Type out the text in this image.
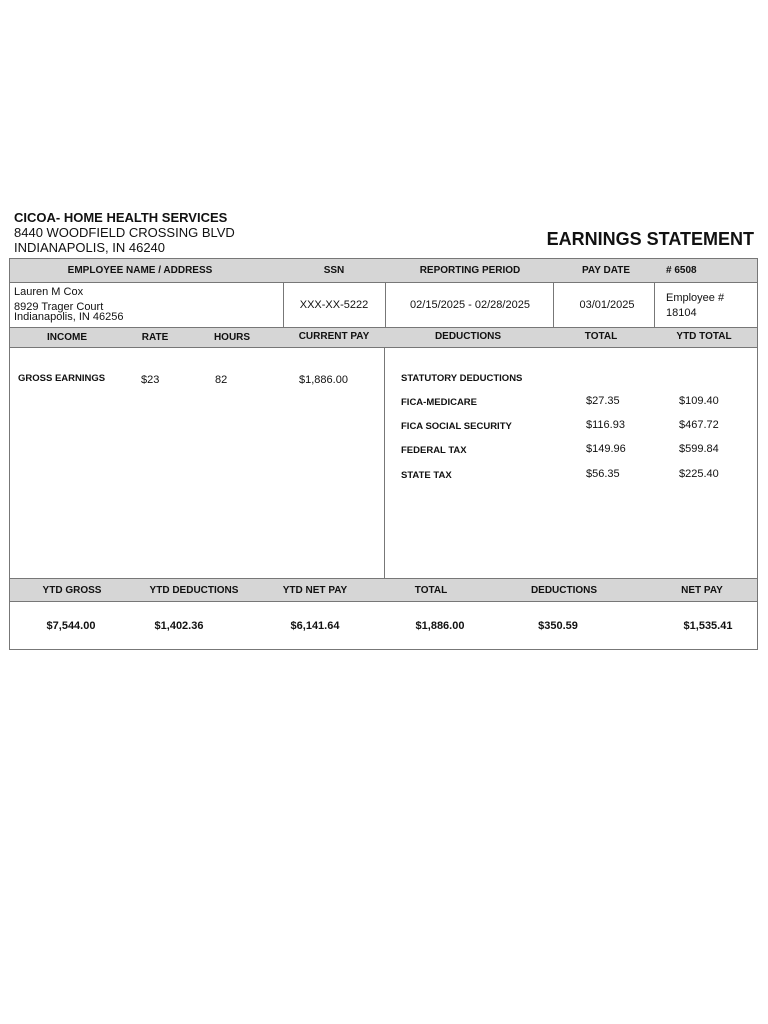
CICOA- HOME HEALTH SERVICES
8440 WOODFIELD CROSSING BLVD
INDIANAPOLIS, IN 46240	EARNINGS STATEMENT
EMPLOYEE NAME / ADDRESS	SSN	REPORTING PERIOD	PAY DATE	# 6508
Lauren M Cox
8929 Trager Court
Indianapolis, IN 46256
XXX-XX-5222	02/15/2025 - 02/28/2025	03/01/2025
Employee #
18104
INCOME	RATE	HOURS	CURRENT PAY	DEDUCTIONS	TOTAL	YTD TOTAL
GROSS EARNINGS	$23	82	$1,886.00	STATUTORY DEDUCTIONS
FICA-MEDICARE	$27.35	$109.40
FICA SOCIAL SECURITY	$116.93	$467.72
FEDERAL TAX	$149.96	$599.84
STATE TAX	$56.35	$225.40
YTD GROSS	YTD DEDUCTIONS	YTD NET PAY	TOTAL	DEDUCTIONS	NET PAY
$7,544.00	$1,402.36	$6,141.64	$1,886.00	$350.59	$1,535.41
